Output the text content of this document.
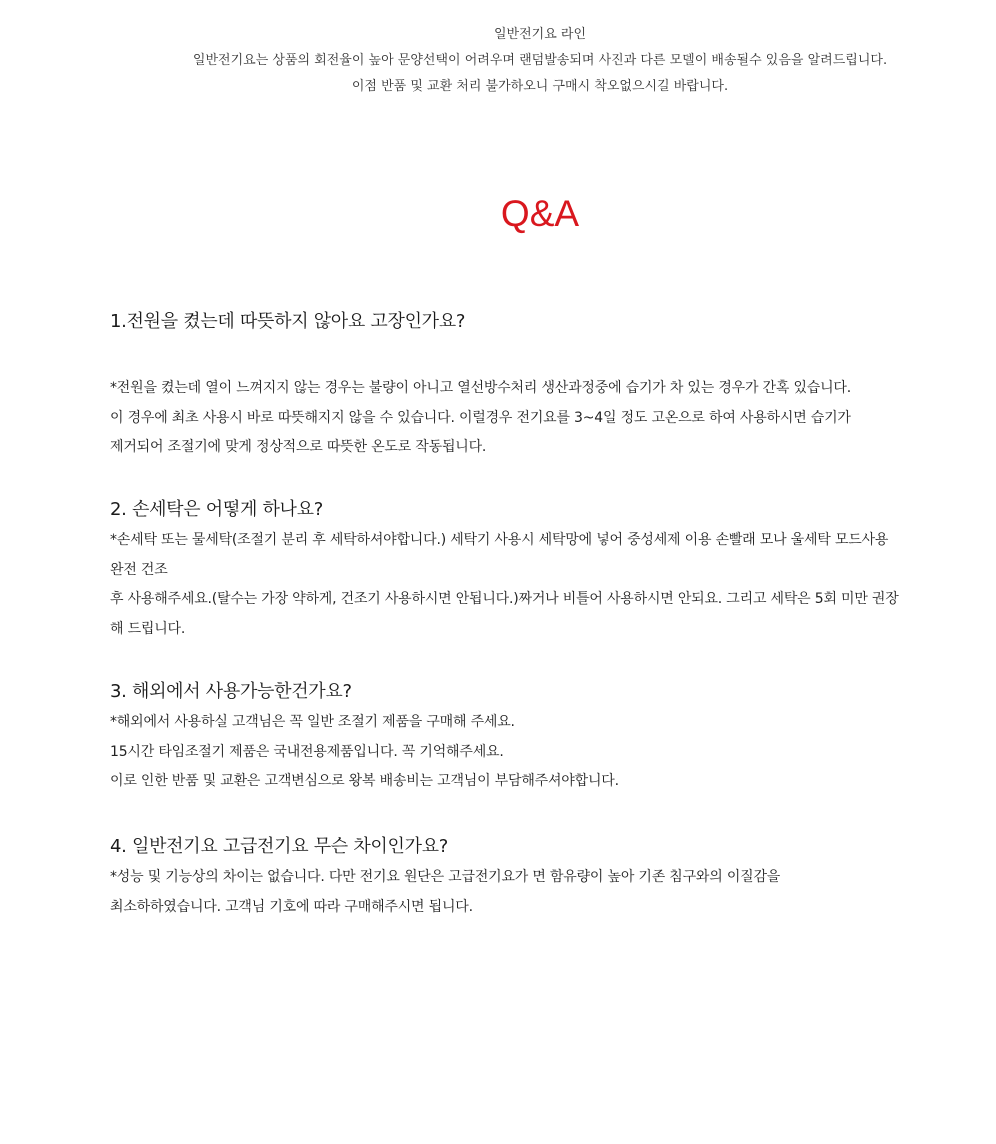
일반전기요 라인
일반전기요는 상품의 회전율이 높아 문양선택이 어려우며 랜덤발송되며 사진과 다른 모델이 배송될수 있음을 알려드립니다.
이점 반품 및 교환 처리 불가하오니 구매시 착오없으시길 바랍니다.
Q&A
1.전원을 켰는데 따뜻하지 않아요 고장인가요?
*전원을 켰는데 열이 느껴지지 않는 경우는 불량이 아니고 열선방수처리 생산과정중에 습기가 차 있는 경우가 간혹 있습니다.
이 경우에 최초 사용시 바로 따뜻해지지 않을 수 있습니다. 이럴경우 전기요를 3~4일 정도 고온으로 하여 사용하시면 습기가
제거되어 조절기에 맞게 정상적으로 따뜻한 온도로 작동됩니다.
2. 손세탁은 어떻게 하나요?
*손세탁 또는 물세탁(조절기 분리 후 세탁하셔야합니다.) 세탁기 사용시 세탁망에 넣어 중성세제 이용 손빨래 모나 울세탁 모드사용
완전 건조
후 사용해주세요.(탈수는 가장 약하게, 건조기 사용하시면 안됩니다.)짜거나 비틀어 사용하시면 안되요. 그리고 세탁은 5회 미만 권장
해 드립니다.
3. 해외에서 사용가능한건가요?
*해외에서 사용하실 고객님은 꼭 일반 조절기 제품을 구매해 주세요.
15시간 타임조절기 제품은 국내전용제품입니다. 꼭 기억해주세요.
이로 인한 반품 및 교환은 고객변심으로 왕복 배송비는 고객님이 부담해주셔야합니다.
4. 일반전기요 고급전기요 무슨 차이인가요?
*성능 및 기능상의 차이는 없습니다. 다만 전기요 원단은 고급전기요가 면 함유량이 높아 기존 침구와의 이질감을
최소하하였습니다. 고객님 기호에 따라 구매해주시면 됩니다.
